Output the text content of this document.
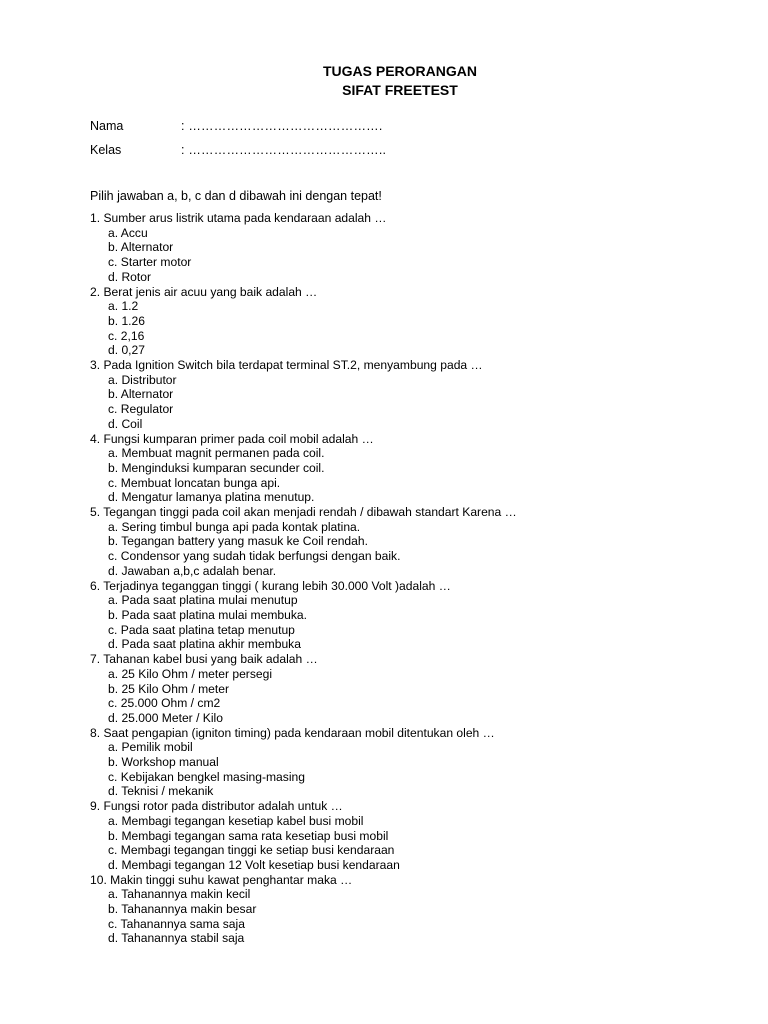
TUGAS PERORANGAN
SIFAT FREETEST
Nama	: ……………………………………….
Kelas	: ………………………………………..
Pilih jawaban a, b, c dan d dibawah ini dengan tepat!
1. Sumber arus listrik utama pada kendaraan adalah …
a. Accu
b. Alternator
c. Starter motor
d. Rotor
2. Berat jenis air acuu yang baik adalah …
a. 1.2
b. 1.26
c. 2,16
d. 0,27
3. Pada Ignition Switch bila terdapat terminal ST.2, menyambung pada …
a. Distributor
b. Alternator
c. Regulator
d. Coil
4. Fungsi kumparan primer pada coil mobil adalah …
a. Membuat magnit permanen pada coil.
b. Menginduksi kumparan secunder coil.
c. Membuat loncatan bunga api.
d. Mengatur lamanya platina menutup.
5. Tegangan tinggi pada coil akan menjadi rendah / dibawah standart Karena …
a. Sering timbul bunga api pada kontak platina.
b. Tegangan battery yang masuk ke Coil rendah.
c. Condensor yang sudah tidak berfungsi dengan baik.
d. Jawaban a,b,c adalah benar.
6. Terjadinya teganggan tinggi ( kurang lebih 30.000 Volt )adalah …
a. Pada saat platina mulai menutup
b. Pada saat platina mulai membuka.
c. Pada saat platina tetap menutup
d. Pada saat platina akhir membuka
7. Tahanan kabel busi yang baik adalah …
a. 25 Kilo Ohm / meter persegi
b. 25 Kilo Ohm / meter
c. 25.000 Ohm / cm2
d. 25.000 Meter / Kilo
8. Saat pengapian (igniton timing) pada kendaraan mobil ditentukan oleh …
a. Pemilik mobil
b. Workshop manual
c. Kebijakan bengkel masing-masing
d. Teknisi / mekanik
9. Fungsi rotor pada distributor adalah untuk …
a. Membagi tegangan kesetiap kabel busi mobil
b. Membagi tegangan sama rata kesetiap busi mobil
c. Membagi tegangan tinggi ke setiap busi kendaraan
d. Membagi tegangan 12 Volt kesetiap busi kendaraan
10. Makin tinggi suhu kawat penghantar maka …
a. Tahanannya makin kecil
b. Tahanannya makin besar
c. Tahanannya sama saja
d. Tahanannya stabil saja
